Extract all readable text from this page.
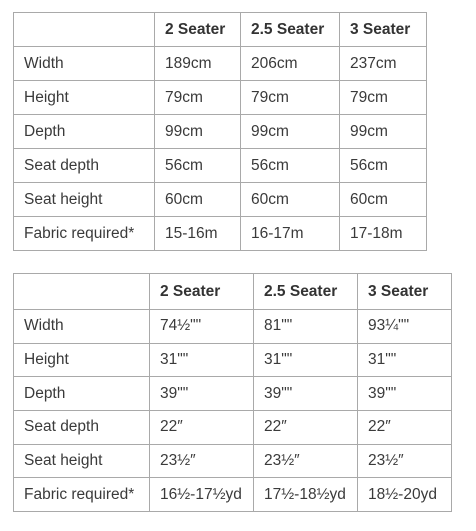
	2 Seater	2.5 Seater	3 Seater
Width	189cm	206cm	237cm
Height	79cm	79cm	79cm
Depth	99cm	99cm	99cm
Seat depth	56cm	56cm	56cm
Seat height	60cm	60cm	60cm
Fabric required*	15-16m	16-17m	17-18m
	2 Seater	2.5 Seater	3 Seater
Width	74½""	81""	93¼""
Height	31""	31""	31""
Depth	39""	39""	39""
Seat depth	22″	22″	22″
Seat height	23½″	23½″	23½″
Fabric required*	16½-17½yd	17½-18½yd	18½-20yd
